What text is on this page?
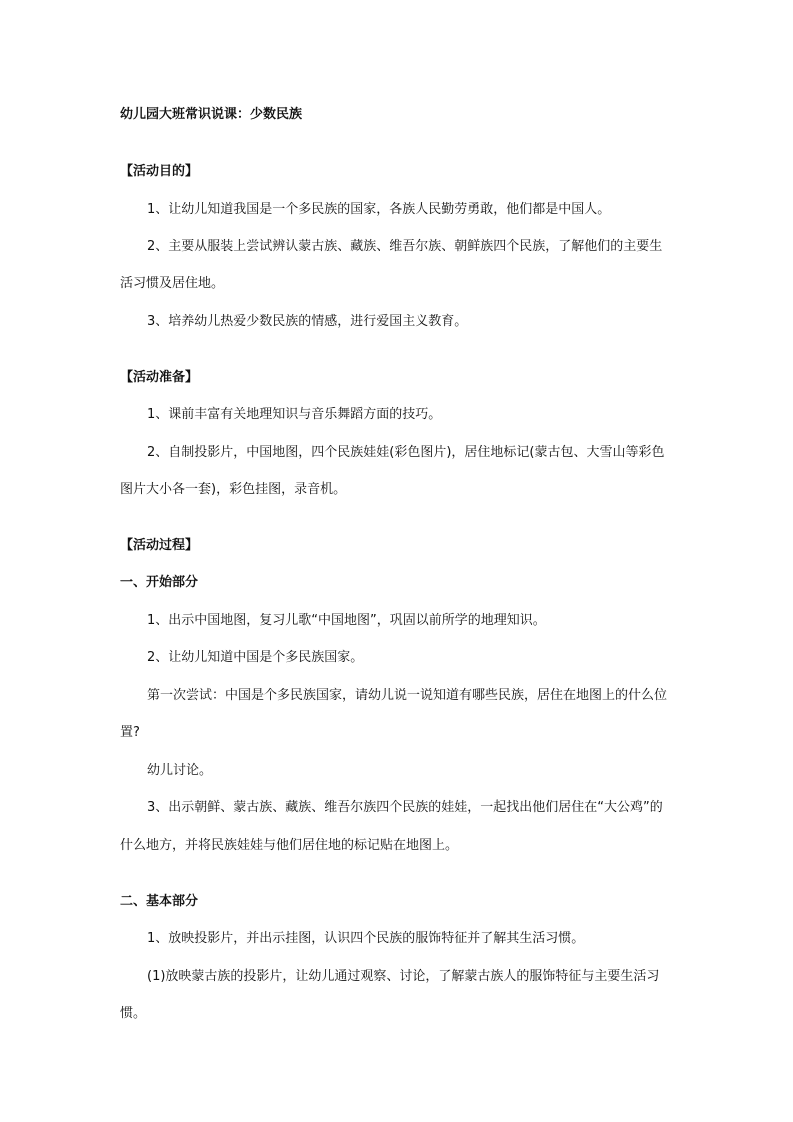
幼儿园大班常识说课：少数民族
【活动目的】
1、让幼儿知道我国是一个多民族的国家，各族人民勤劳勇敢，他们都是中国人。
2、主要从服装上尝试辨认蒙古族、藏族、维吾尔族、朝鲜族四个民族，了解他们的主要生
活习惯及居住地。
3、培养幼儿热爱少数民族的情感，进行爱国主义教育。
【活动准备】
1、课前丰富有关地理知识与音乐舞蹈方面的技巧。
2、自制投影片，中国地图，四个民族娃娃(彩色图片)，居住地标记(蒙古包、大雪山等彩色
图片大小各一套)，彩色挂图，录音机。
【活动过程】
一、开始部分
1、出示中国地图，复习儿歌“中国地图”，巩固以前所学的地理知识。
2、让幼儿知道中国是个多民族国家。
第一次尝试：中国是个多民族国家，请幼儿说一说知道有哪些民族，居住在地图上的什么位
置?
幼儿讨论。
3、出示朝鲜、蒙古族、藏族、维吾尔族四个民族的娃娃，一起找出他们居住在“大公鸡”的
什么地方，并将民族娃娃与他们居住地的标记贴在地图上。
二、基本部分
1、放映投影片，并出示挂图，认识四个民族的服饰特征并了解其生活习惯。
(1)放映蒙古族的投影片，让幼儿通过观察、讨论，了解蒙古族人的服饰特征与主要生活习
惯。
